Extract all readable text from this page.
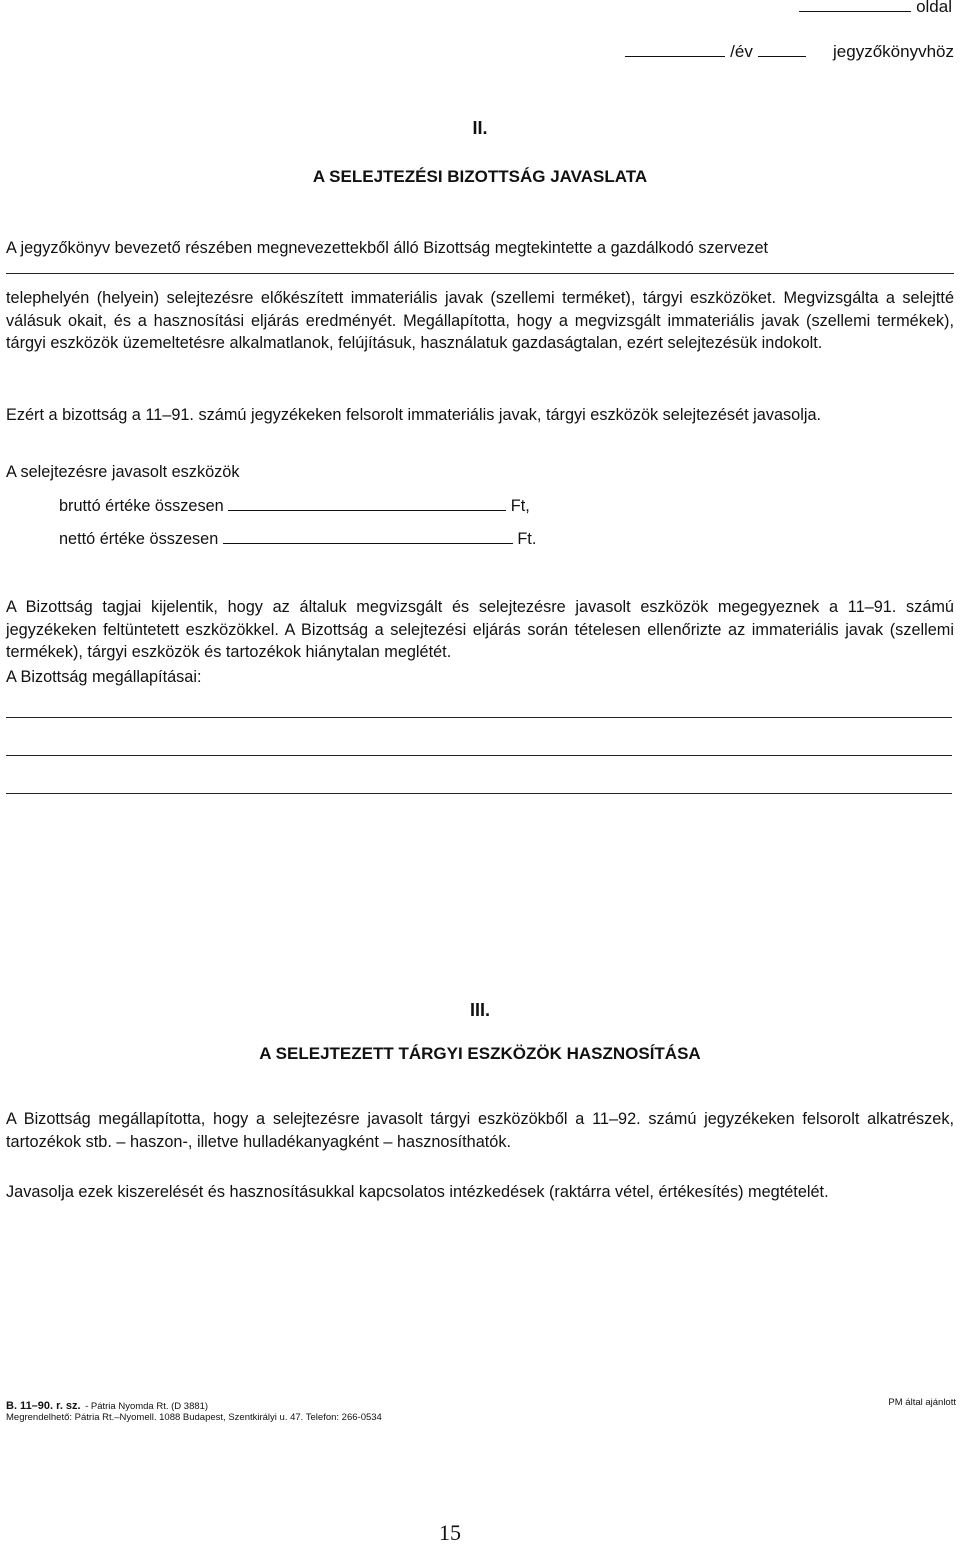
oldal
/év	jegyzőkönyvhöz
II.
A SELEJTEZÉSI BIZOTTSÁG JAVASLATA
A jegyzőkönyv bevezető részében megnevezettekből álló Bizottság megtekintette a gazdálkodó szervezet
telephelyén (helyein) selejtezésre előkészített immateriális javak (szellemi terméket), tárgyi eszközöket. Megvizsgálta a selejtté válásuk okait, és a hasznosítási eljárás eredményét. Megállapította, hogy a megvizsgált immateriális javak (szellemi termékek), tárgyi eszközök üzemeltetésre alkalmatlanok, felújításuk, használatuk gazdaságtalan, ezért selejtezésük indokolt.
Ezért a bizottság a 11–91. számú jegyzékeken felsorolt immateriális javak, tárgyi eszközök selejtezését javasolja.
A selejtezésre javasolt eszközök
bruttó értéke összesen	Ft,
nettó értéke összesen	Ft.
A Bizottság tagjai kijelentik, hogy az általuk megvizsgált és selejtezésre javasolt eszközök megegyeznek a 11–91. számú jegyzékeken feltüntetett eszközökkel. A Bizottság a selejtezési eljárás során tételesen ellenőrizte az immateriális javak (szellemi termékek), tárgyi eszközök és tartozékok hiánytalan meglétét.
A Bizottság megállapításai:
III.
A SELEJTEZETT TÁRGYI ESZKÖZÖK HASZNOSÍTÁSA
A Bizottság megállapította, hogy a selejtezésre javasolt tárgyi eszközökből a 11–92. számú jegyzékeken felsorolt alkatrészek, tartozékok stb. – haszon-, illetve hulladékanyagként – hasznosíthatók.
Javasolja ezek kiszerelését és hasznosításukkal kapcsolatos intézkedések (raktárra vétel, értékesítés) megtételét.
B. 11–90. r. sz. - Pátria Nyomda Rt. (D 3881)
Megrendelhető: Pátria Rt.–Nyomell. 1088 Budapest, Szentkirályi u. 47. Telefon: 266-0534
PM által ajánlott
15
